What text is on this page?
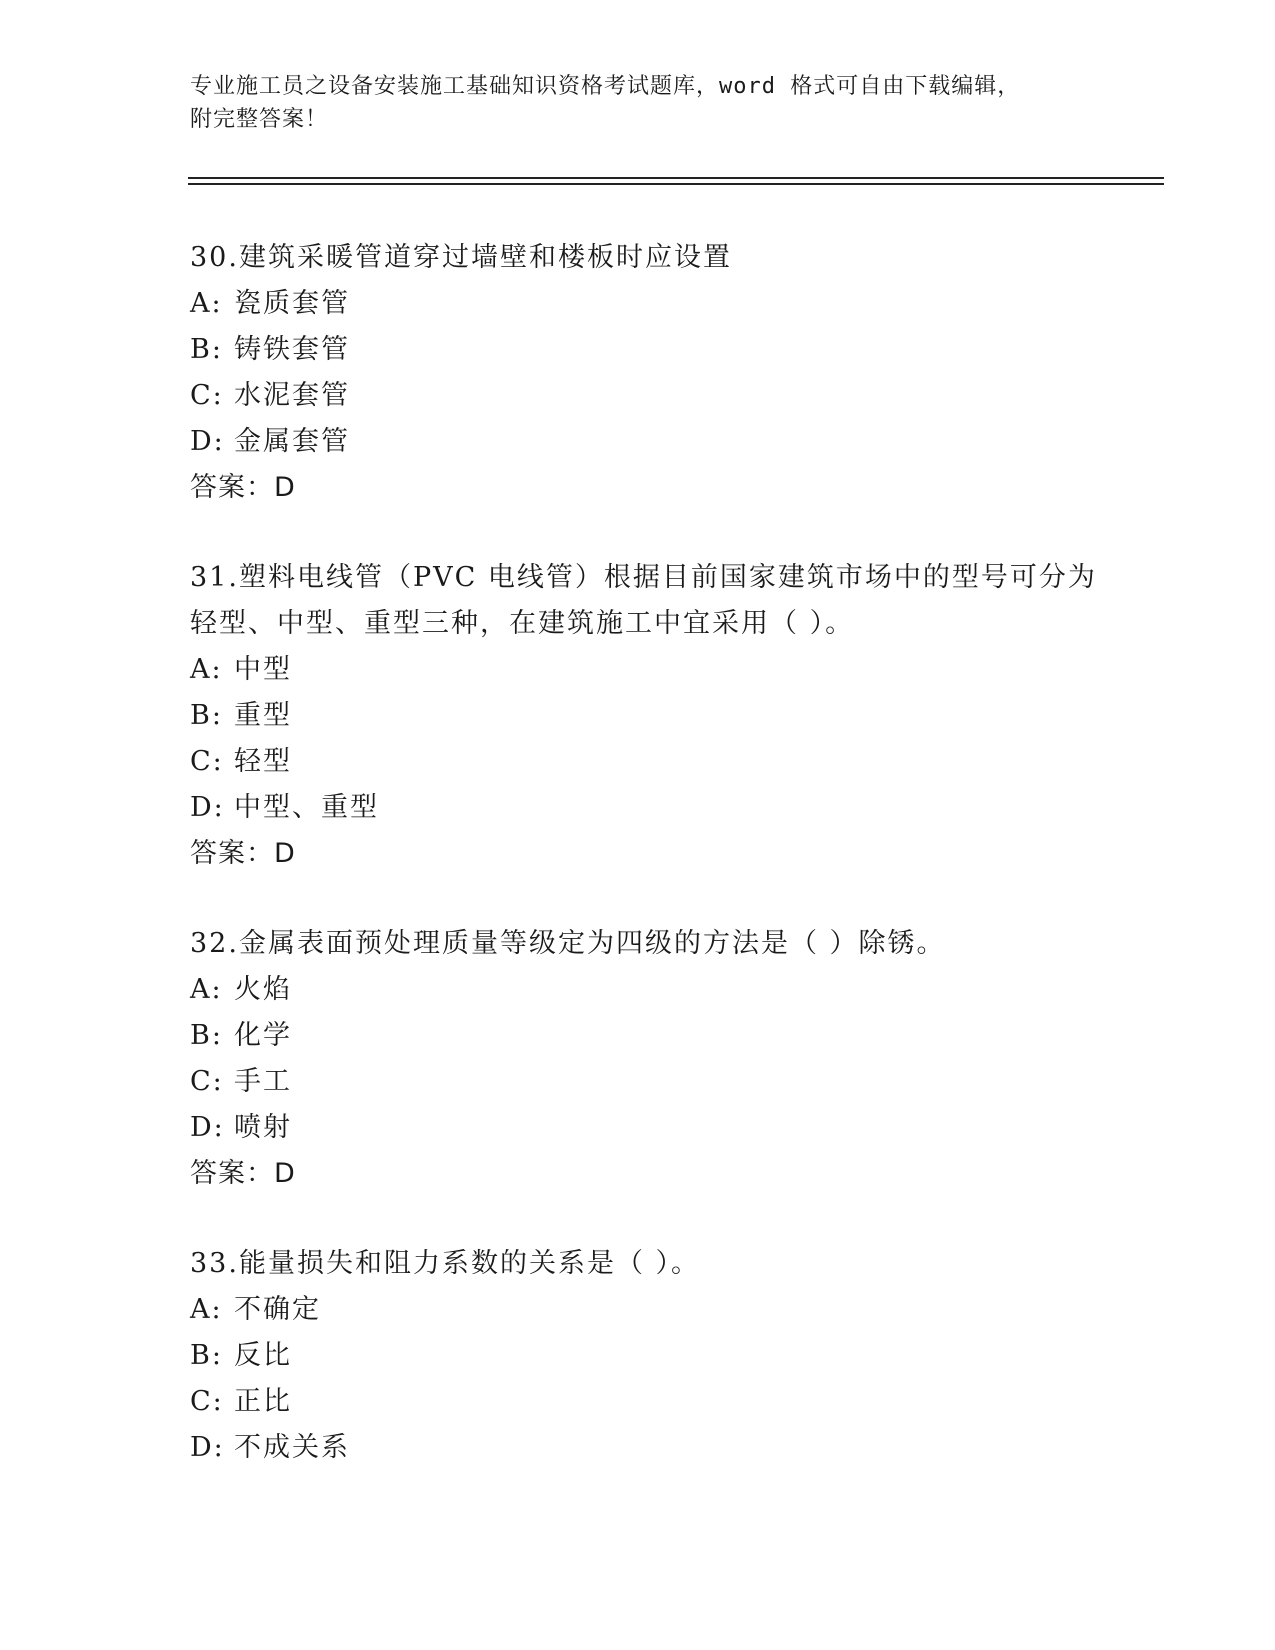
专业施工员之设备安装施工基础知识资格考试题库，word 格式可自由下载编辑，
附完整答案！
30.建筑采暖管道穿过墙壁和楼板时应设置
A: 瓷质套管
B: 铸铁套管
C: 水泥套管
D: 金属套管
答案：D
31.塑料电线管（PVC 电线管）根据目前国家建筑市场中的型号可分为
轻型、中型、重型三种，在建筑施工中宜采用（ ）。
A: 中型
B: 重型
C: 轻型
D: 中型、重型
答案：D
32.金属表面预处理质量等级定为四级的方法是（ ）除锈。
A: 火焰
B: 化学
C: 手工
D: 喷射
答案：D
33.能量损失和阻力系数的关系是（ ）。
A: 不确定
B: 反比
C: 正比
D: 不成关系
